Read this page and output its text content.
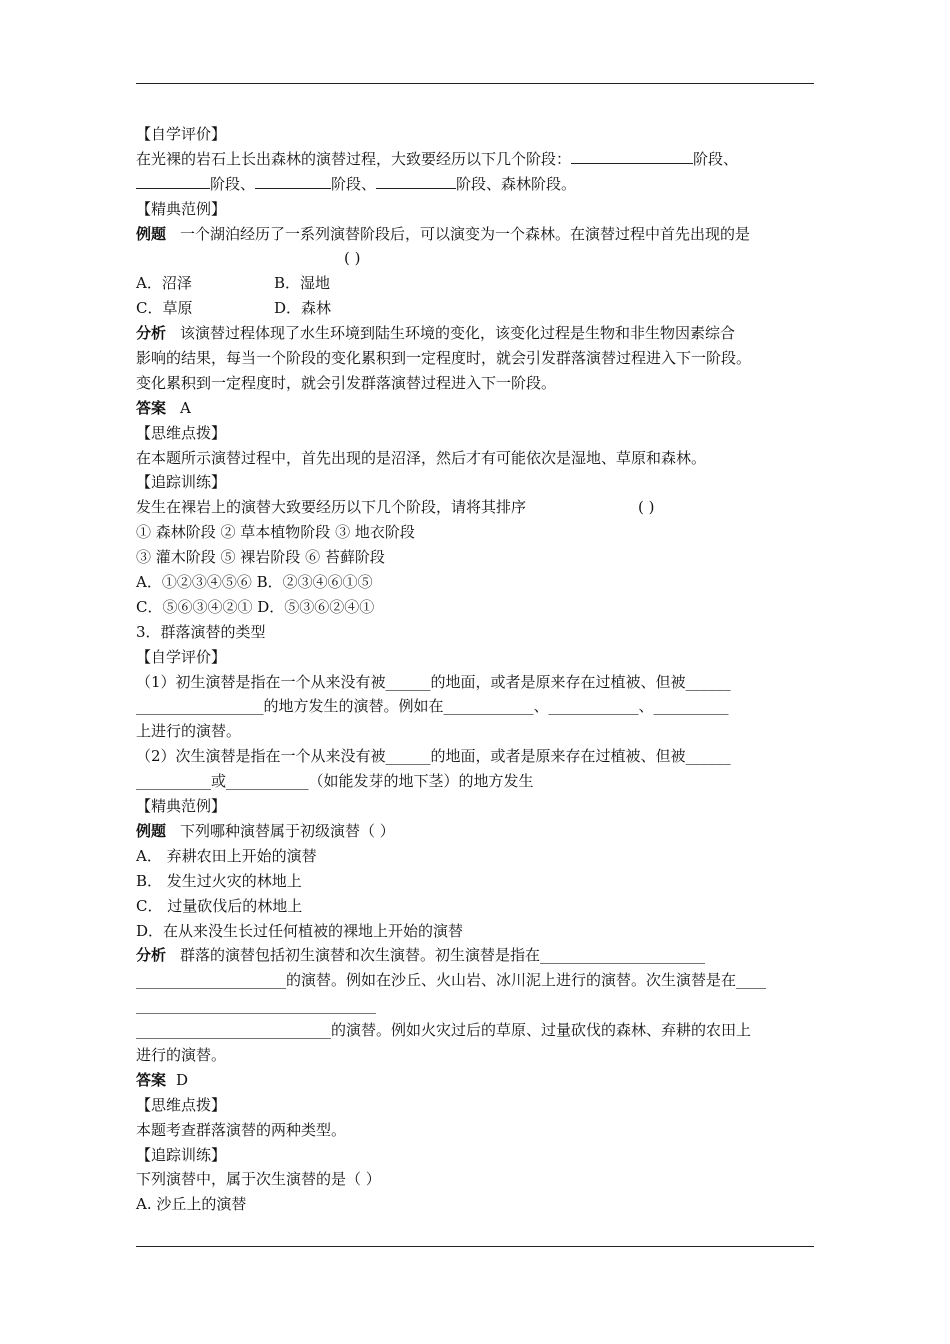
【自学评价】
在光裸的岩石上长出森林的演替过程，大致要经历以下几个阶段：	阶段、
阶段、	阶段、	阶段、森林阶段。
【精典范例】
例题 一个湖泊经历了一系列演替阶段后，可以演变为一个森林。在演替过程中首先出现的是
( )
A．沼泽	B．湿地
C．草原	D．森林
分析 该演替过程体现了水生环境到陆生环境的变化，该变化过程是生物和非生物因素综合
影响的结果，每当一个阶段的变化累积到一定程度时，就会引发群落演替过程进入下一阶段。
变化累积到一定程度时，就会引发群落演替过程进入下一阶段。
答案 A
【思维点拨】
在本题所示演替过程中，首先出现的是沼泽，然后才有可能依次是湿地、草原和森林。
【追踪训练】
发生在裸岩上的演替大致要经历以下几个阶段，请将其排序	( )
① 森林阶段 ② 草本植物阶段 ③ 地衣阶段
③ 灌木阶段 ⑤ 裸岩阶段 ⑥ 苔藓阶段
A．①②③④⑤⑥ B．②③④⑥①⑤
C．⑤⑥③④②① D．⑤③⑥②④①
3．群落演替的类型
【自学评价】
（1）初生演替是指在一个从来没有被______的地面，或者是原来存在过植被、但被______
_________________的地方发生的演替。例如在____________、____________、__________
上进行的演替。
（2）次生演替是指在一个从来没有被______的地面，或者是原来存在过植被、但被______
__________或___________（如能发芽的地下茎）的地方发生
【精典范例】
例题 下列哪种演替属于初级演替（ ）
A． 弃耕农田上开始的演替
B． 发生过火灾的林地上
C． 过量砍伐后的林地上
D．在从来没生长过任何植被的裸地上开始的演替
分析 群落的演替包括初生演替和次生演替。初生演替是指在______________________
____________________的演替。例如在沙丘、火山岩、冰川泥上进行的演替。次生演替是在____
________________________________
__________________________的演替。例如火灾过后的草原、过量砍伐的森林、弃耕的农田上
进行的演替。
答案 D
【思维点拨】
本题考查群落演替的两种类型。
【追踪训练】
下列演替中，属于次生演替的是（ ）
A. 沙丘上的演替
